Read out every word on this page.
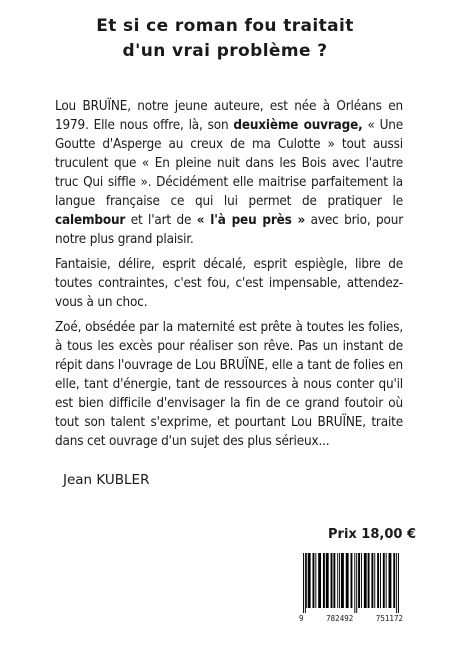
Et si ce roman fou traitait
d'un vrai problème ?

Lou BRUÏNE, notre jeune auteure, est née à Orléans en 1979. Elle nous offre, là, son deuxième ouvrage, « Une Goutte d'Asperge au creux de ma Culotte » tout aussi truculent que « En pleine nuit dans les Bois avec l'autre truc Qui siffle ». Décidément elle maitrise parfaitement la langue française ce qui lui permet de pratiquer le calembour et l'art de « l'à peu près » avec brio, pour notre plus grand plaisir.

Fantaisie, délire, esprit décalé, esprit espiègle, libre de toutes contraintes, c'est fou, c'est impensable, attendez-vous à un choc.

Zoé, obsédée par la maternité est prête à toutes les folies, à tous les excès pour réaliser son rêve. Pas un instant de répit dans l'ouvrage de Lou BRUÏNE, elle a tant de folies en elle, tant d'énergie, tant de ressources à nous conter qu'il est bien difficile d'envisager la fin de ce grand foutoir où tout son talent s'exprime, et pourtant Lou BRUÏNE, traite dans cet ouvrage d'un sujet des plus sérieux...

Jean KUBLER
Prix 18,00 €
9	782492	751172
